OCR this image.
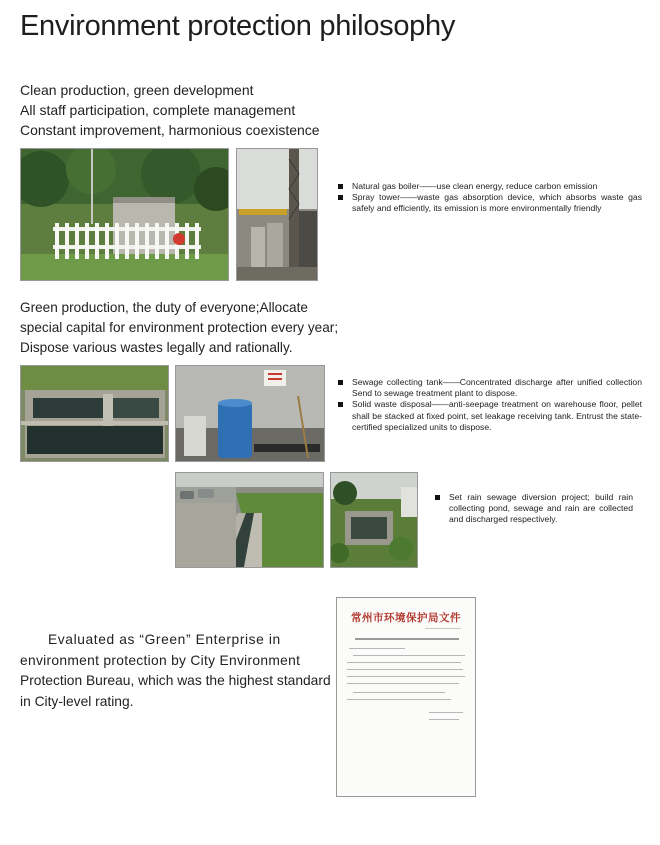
Environment protection philosophy
Clean production, green development
All staff participation, complete management
Constant improvement, harmonious coexistence
Natural gas boiler——use clean energy, reduce carbon emission
Spray tower——waste gas absorption device, which absorbs waste gas safely and efficiently, its emission is more environmentally friendly
Green production, the duty of everyone;Allocate
special capital for environment protection every year;
Dispose various wastes legally and rationally.
Sewage collecting tank——Concentrated discharge after unified collection Send to sewage treatment plant to dispose.
Solid waste disposal——anti-seepage treatment on warehouse floor, pellet shall be stacked at fixed point, set leakage receiving tank. Entrust the state-certified specialized units to dispose.
Set rain sewage diversion project; build rain collecting pond, sewage and rain are collected and discharged respectively.
Evaluated as “Green” Enterprise in
environment protection by City Environment
Protection Bureau, which was the highest standard
in City-level rating.
常州市环境保护局文件
